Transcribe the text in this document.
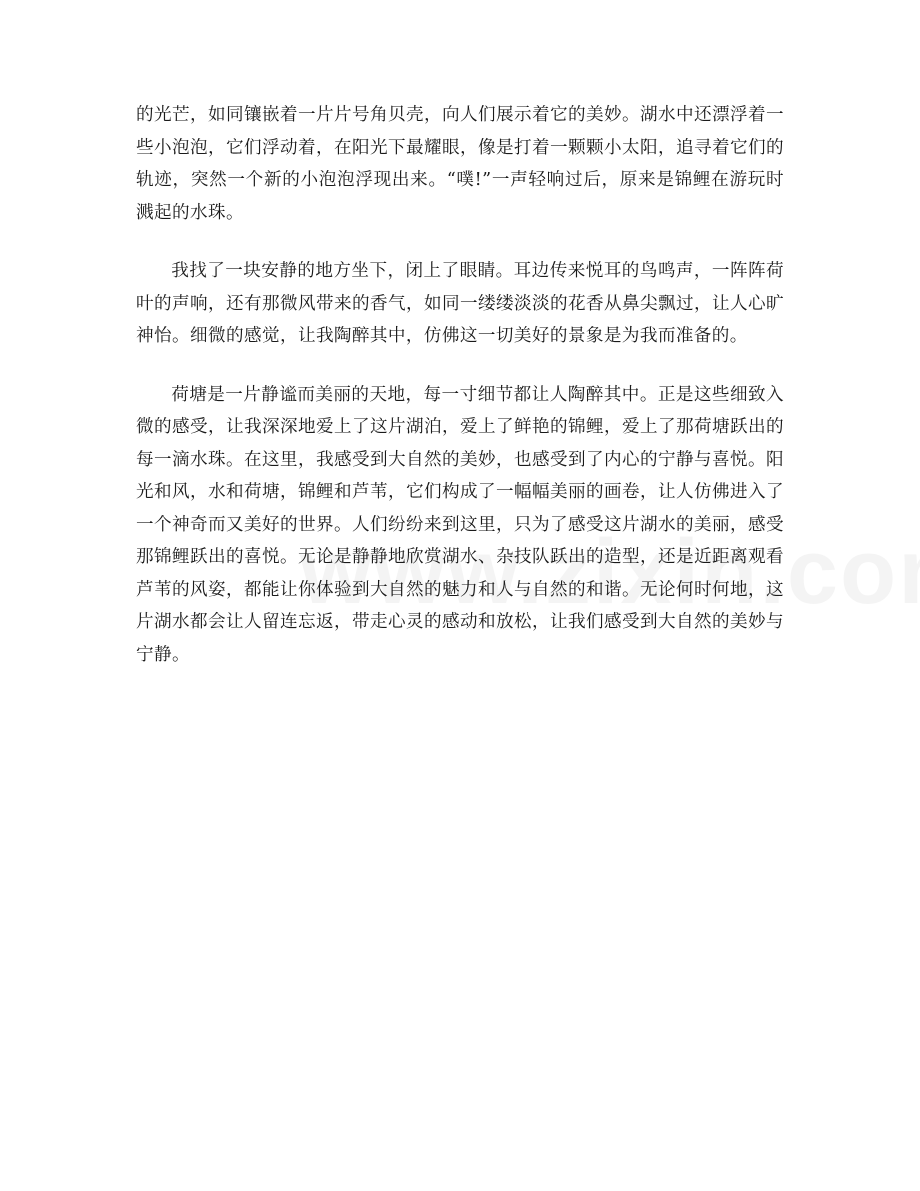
的光芒，如同镶嵌着一片片号角贝壳，向人们展示着它的美妙。湖水中还漂浮着一些小泡泡，它们浮动着，在阳光下最耀眼，像是打着一颗颗小太阳，追寻着它们的轨迹，突然一个新的小泡泡浮现出来。“噗!”一声轻响过后，原来是锦鲤在游玩时溅起的水珠。

我找了一块安静的地方坐下，闭上了眼睛。耳边传来悦耳的鸟鸣声，一阵阵荷叶的声响，还有那微风带来的香气，如同一缕缕淡淡的花香从鼻尖飘过，让人心旷神怡。细微的感觉，让我陶醉其中，仿佛这一切美好的景象是为我而准备的。

荷塘是一片静谧而美丽的天地，每一寸细节都让人陶醉其中。正是这些细致入微的感受，让我深深地爱上了这片湖泊，爱上了鲜艳的锦鲤，爱上了那荷塘跃出的每一滴水珠。在这里，我感受到大自然的美妙，也感受到了内心的宁静与喜悦。阳光和风，水和荷塘，锦鲤和芦苇，它们构成了一幅幅美丽的画卷，让人仿佛进入了一个神奇而又美好的世界。人们纷纷来到这里，只为了感受这片湖水的美丽，感受那锦鲤跃出的喜悦。无论是静静地欣赏湖水、杂技队跃出的造型，还是近距离观看芦苇的风姿，都能让你体验到大自然的魅力和人与自然的和谐。无论何时何地，这片湖水都会让人留连忘返，带走心灵的感动和放松，让我们感受到大自然的美妙与宁静。
